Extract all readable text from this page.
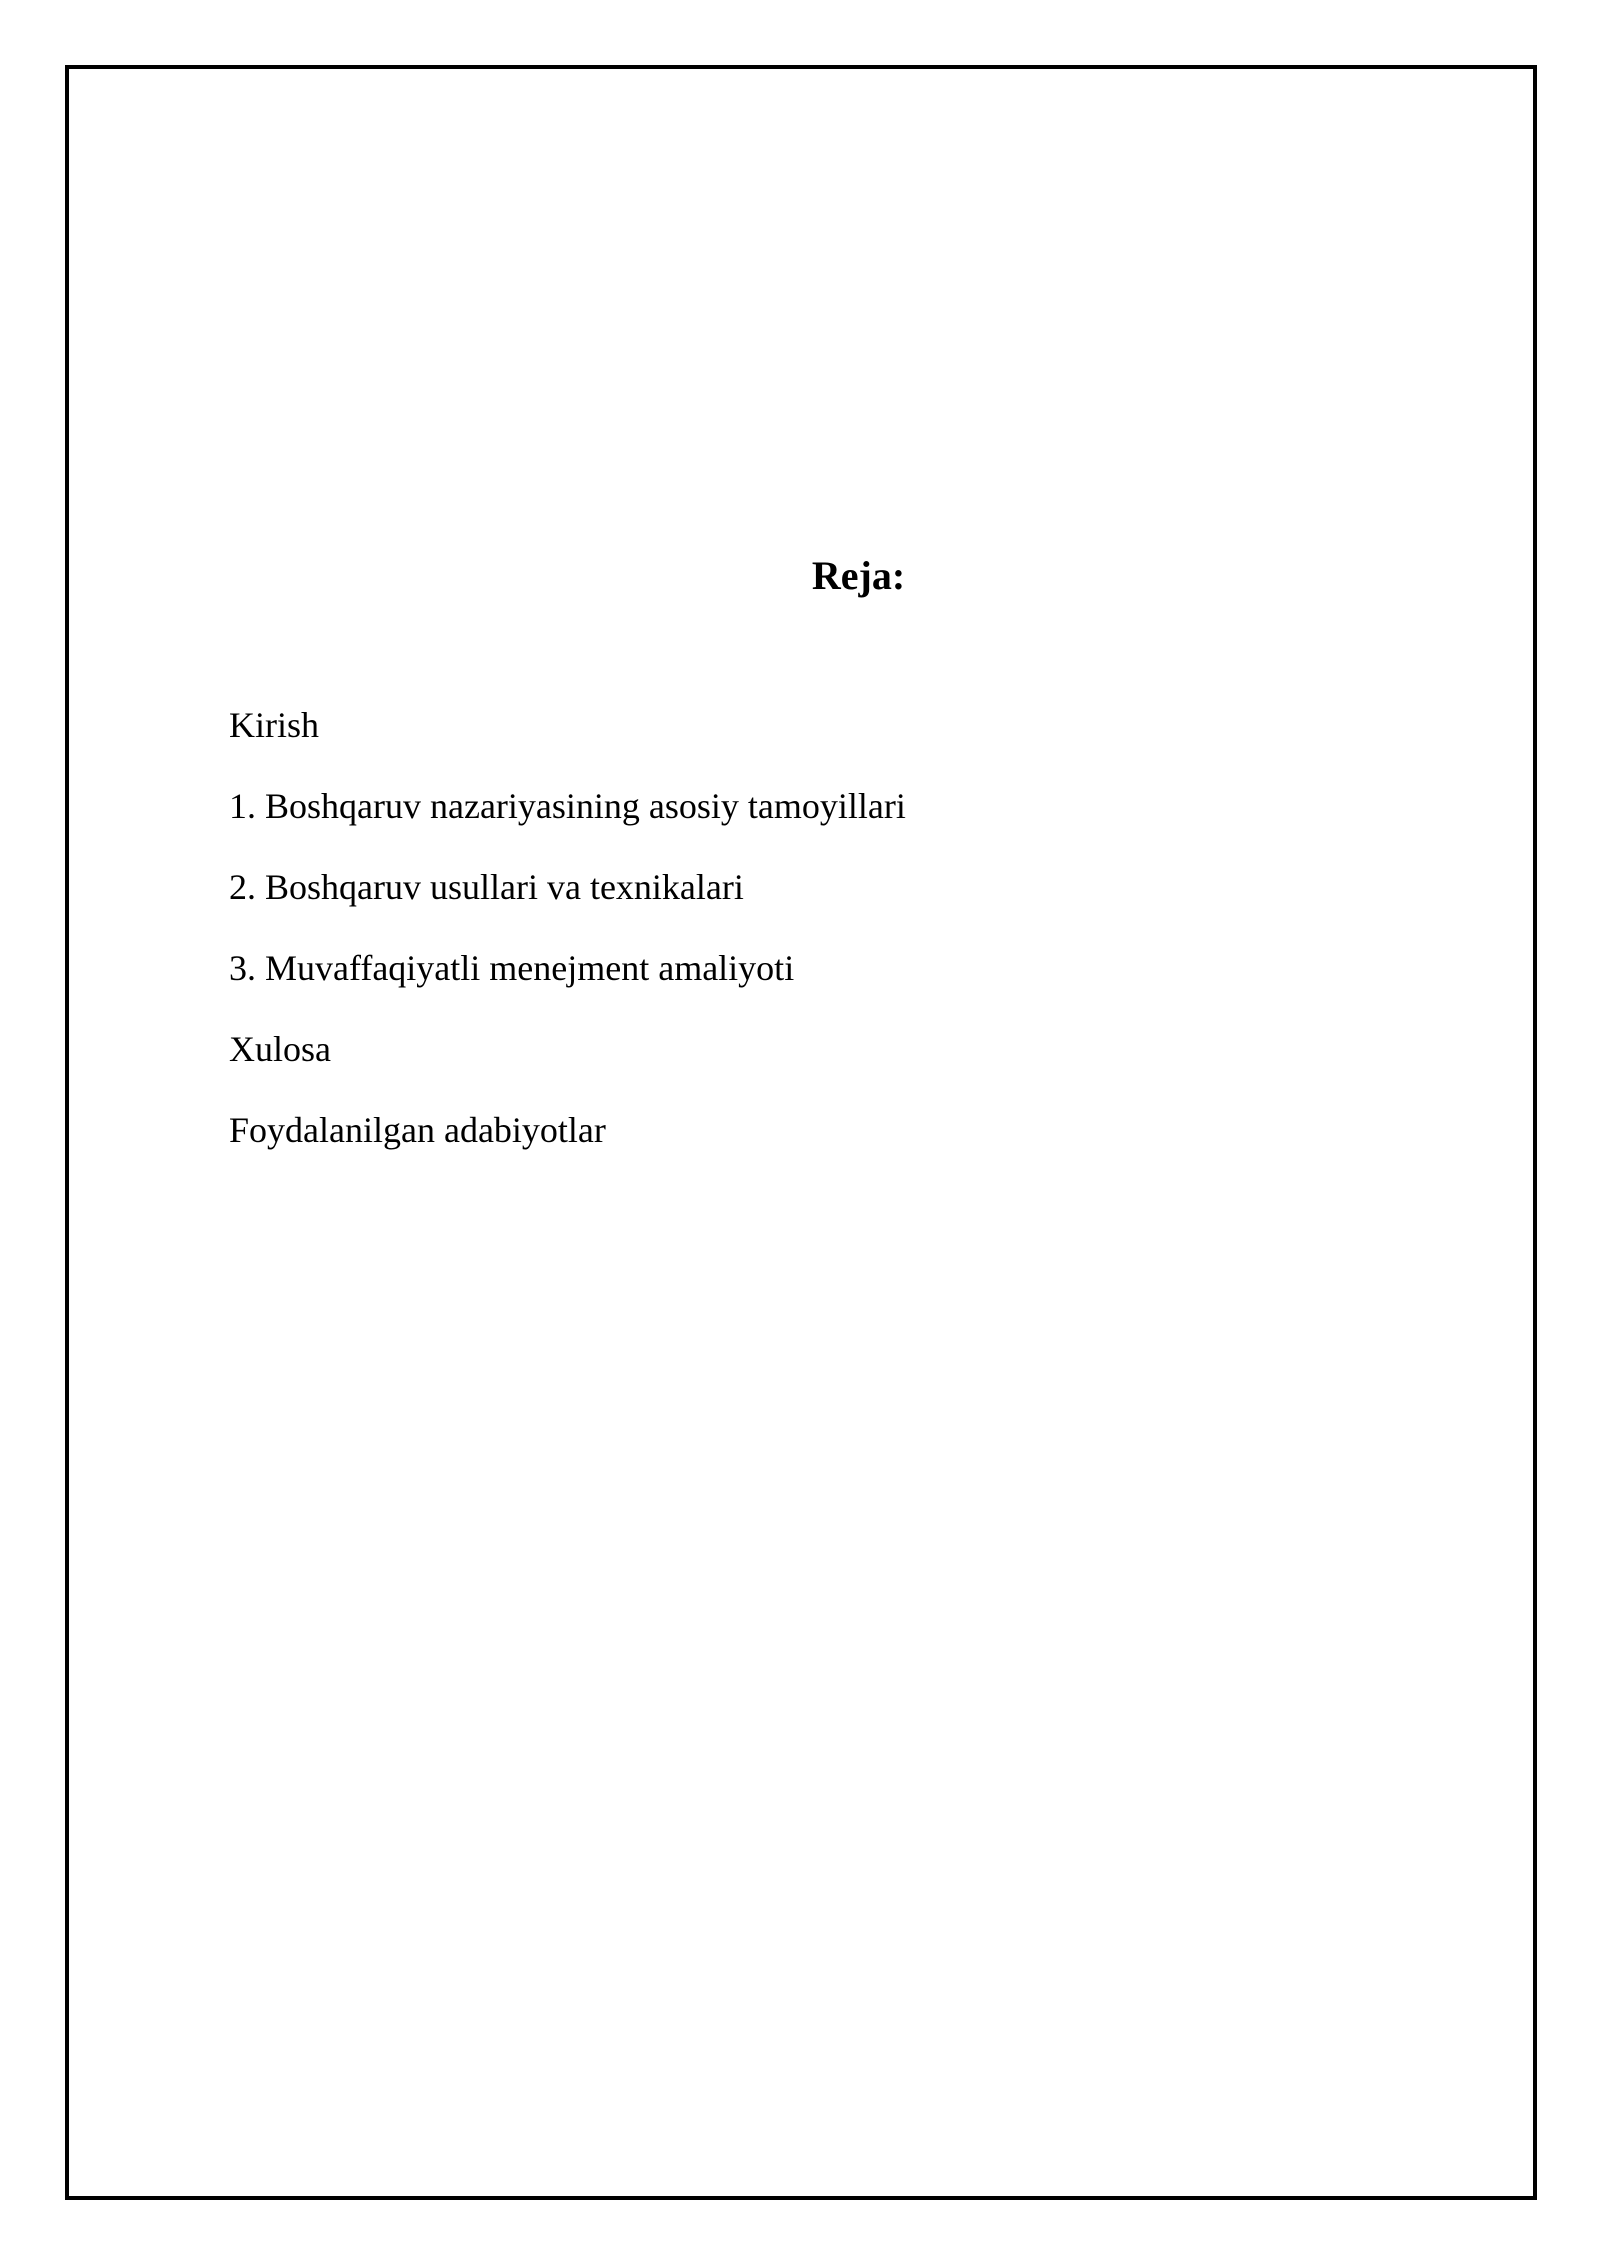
Reja:
Kirish
1. Boshqaruv nazariyasining asosiy tamoyillari
2. Boshqaruv usullari va texnikalari
3. Muvaffaqiyatli menejment amaliyoti
Xulosa
Foydalanilgan adabiyotlar
